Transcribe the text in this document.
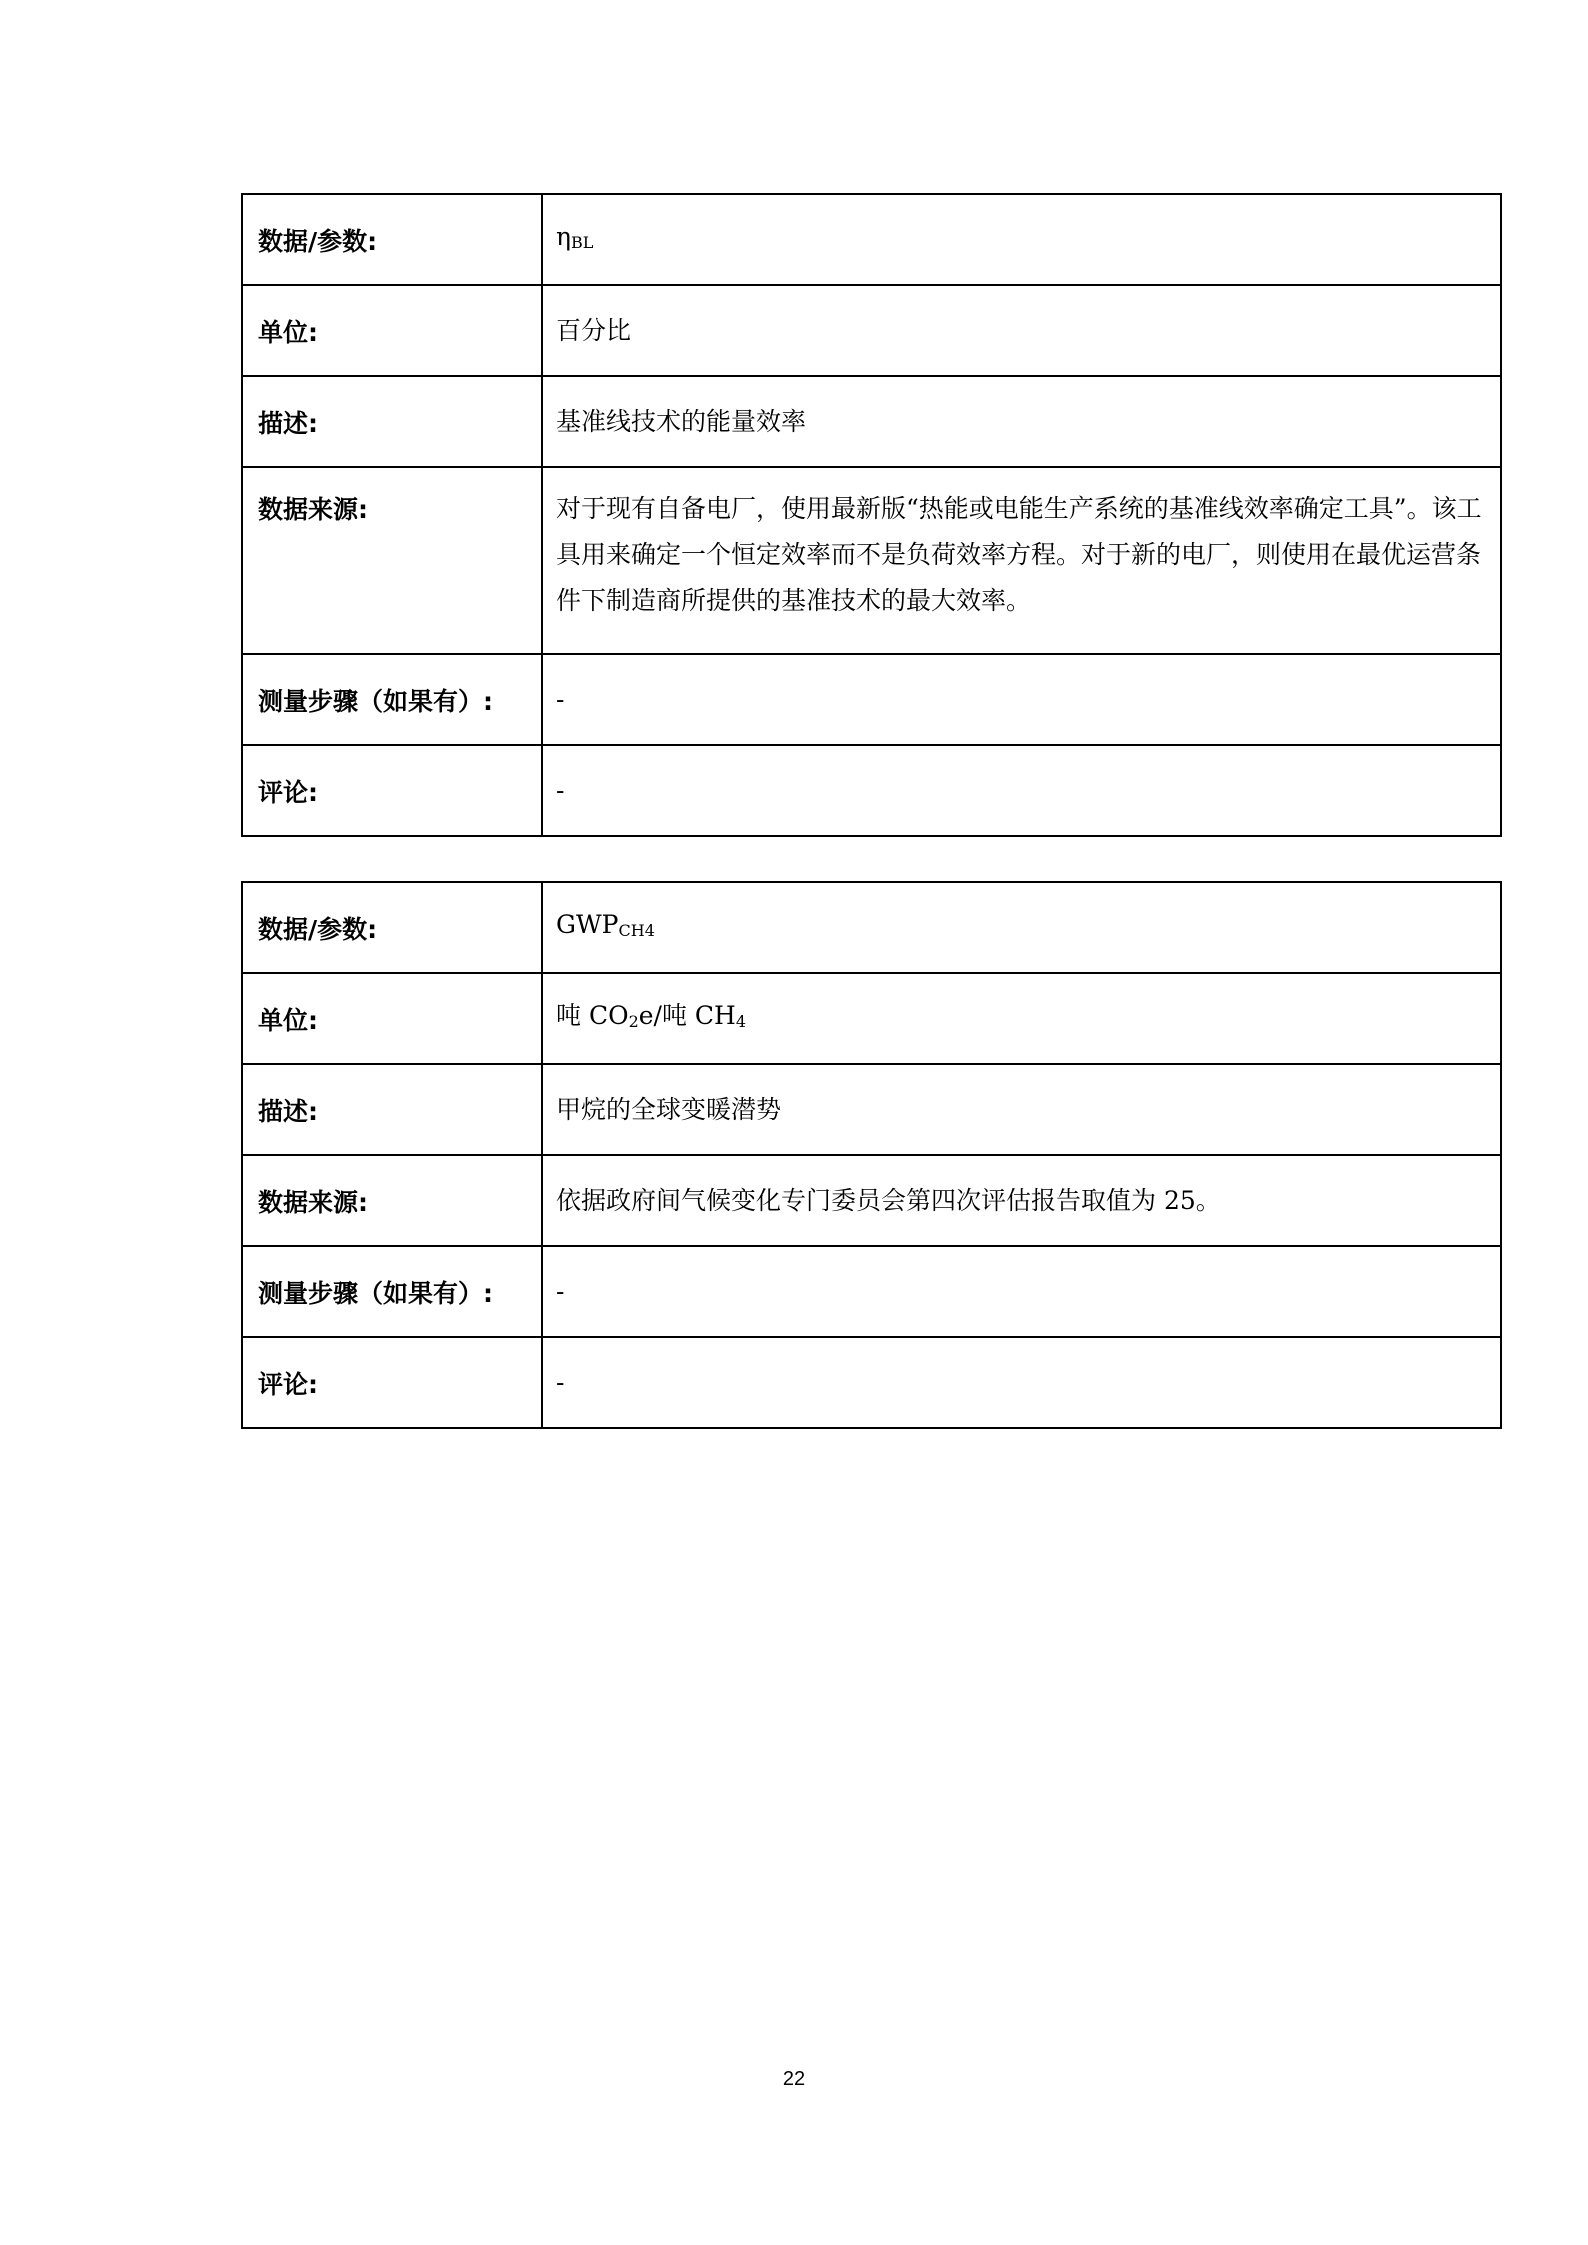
数据/参数:	ηBL
单位:	百分比
描述:	基准线技术的能量效率
数据来源:	对于现有自备电厂，使用最新版“热能或电能生产系统的基准线效率确定工具”。该工具用来确定一个恒定效率而不是负荷效率方程。对于新的电厂，则使用在最优运营条件下制造商所提供的基准技术的最大效率。
测量步骤（如果有）:	-
评论:	-
数据/参数:	GWPCH4
单位:	吨 CO2e/吨 CH4
描述:	甲烷的全球变暖潜势
数据来源:	依据政府间气候变化专门委员会第四次评估报告取值为 25。
测量步骤（如果有）:	-
评论:	-
22
